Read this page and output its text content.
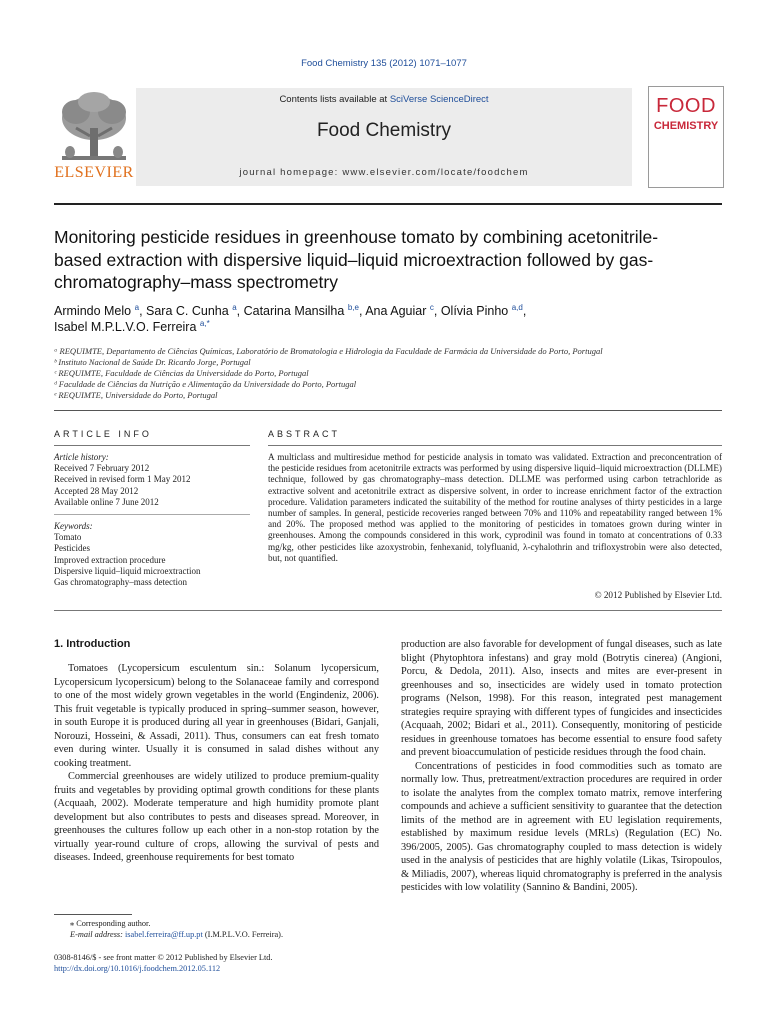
Food Chemistry 135 (2012) 1071–1077
Contents lists available at SciVerse ScienceDirect
Food Chemistry
journal homepage: www.elsevier.com/locate/foodchem
ELSEVIER
FOOD
CHEMISTRY
Monitoring pesticide residues in greenhouse tomato by combining acetonitrile-based extraction with dispersive liquid–liquid microextraction followed by gas-chromatography–mass spectrometry
Armindo Melo $^a$, Sara C. Cunha $^a$, Catarina Mansilha $^{b,e}$, Ana Aguiar $^c$, Olívia Pinho $^{a,d}$,
Isabel M.P.L.V.O. Ferreira $^{a,*}$
ᵃ REQUIMTE, Departamento de Ciências Químicas, Laboratório de Bromatologia e Hidrologia da Faculdade de Farmácia da Universidade do Porto, Portugal
ᵇ Instituto Nacional de Saúde Dr. Ricardo Jorge, Portugal
ᶜ REQUIMTE, Faculdade de Ciências da Universidade do Porto, Portugal
ᵈ Faculdade de Ciências da Nutrição e Alimentação da Universidade do Porto, Portugal
ᵉ REQUIMTE, Universidade do Porto, Portugal
ARTICLE INFO	ABSTRACT
Article history:
Received 7 February 2012
Received in revised form 1 May 2012
Accepted 28 May 2012
Available online 7 June 2012
Keywords:
Tomato
Pesticides
Improved extraction procedure
Dispersive liquid–liquid microextraction
Gas chromatography–mass detection
A multiclass and multiresidue method for pesticide analysis in tomato was validated. Extraction and preconcentration of the pesticide residues from acetonitrile extracts was performed by using dispersive liquid–liquid microextraction (DLLME) technique, followed by gas chromatography–mass detection. DLLME was performed using carbon tetrachloride as extractive solvent and acetonitrile extract as dispersive solvent, in order to increase enrichment factor of the extraction procedure. Validation parameters indicated the suitability of the method for routine analyses of thirty pesticides in a large number of samples. In general, pesticide recoveries ranged between 70% and 110% and repeatability ranged between 1% and 20%. The proposed method was applied to the monitoring of pesticides in tomatoes grown during winter in greenhouses. Among the compounds considered in this work, cyprodinil was found in tomato at concentrations of 0.33 mg/kg, other pesticides like azoxystrobin, fenhexanid, tolyfluanid, λ-cyhalothrin and trifloxystrobin were also detected, but, not quantified.
© 2012 Published by Elsevier Ltd.
1. Introduction

Tomatoes (Lycopersicum esculentum sin.: Solanum lycopersicum, Lycopersicum lycopersicum) belong to the Solanaceae family and correspond to one of the most widely grown vegetables in the world (Engindeniz, 2006). This fruit vegetable is typically produced in spring–summer season, however, in south Europe it is produced during all year in greenhouses (Bidari, Ganjali, Norouzi, Hosseini, & Assadi, 2011). Thus, consumers can eat fresh tomato even during winter. Usually it is consumed in salad dishes without any cooking treatment.

Commercial greenhouses are widely utilized to produce premium-quality fruits and vegetables by providing optimal growth conditions for these plants (Acquaah, 2002). Moderate temperature and high humidity promote plant development but also contributes to pests and diseases spread. Moreover, in greenhouses the cultures follow up each other in a non-stop rotation by the virtually year-round culture of crops, allowing the survival of pests and diseases. Indeed, greenhouse requirements for best tomato

production are also favorable for development of fungal diseases, such as late blight (Phytophtora infestans) and gray mold (Botrytis cinerea) (Angioni, Porcu, & Dedola, 2011). Also, insects and mites are ever-present in greenhouses and so, insecticides are widely used in tomato protection programs (Nelson, 1998). For this reason, integrated pest management strategies require spraying with different types of fungicides and insecticides (Acquaah, 2002; Bidari et al., 2011). Consequently, monitoring of pesticide residues in greenhouse tomatoes has become essential to ensure food safety and prevent bioaccumulation of pesticide residues through the food chain.

Concentrations of pesticides in food commodities such as tomato are normally low. Thus, pretreatment/extraction procedures are required in order to isolate the analytes from the complex tomato matrix, remove interfering compounds and achieve a sufficient sensitivity to guarantee that the detection limits of the method are in agreement with EU legislation requirements, established by maximum residue levels (MRLs) (Regulation (EC) No. 396/2005, 2005). Gas chromatography coupled to mass detection is widely used in the analysis of pesticides that are highly volatile (Likas, Tsiropoulos, & Miliadis, 2007), whereas liquid chromatography is preferred in the analysis pesticides with low volatility (Sannino & Bandini, 2005).

⁎ Corresponding author.
E-mail address: isabel.ferreira@ff.up.pt (I.M.P.L.V.O. Ferreira).
0308-8146/$ - see front matter © 2012 Published by Elsevier Ltd.
http://dx.doi.org/10.1016/j.foodchem.2012.05.112
